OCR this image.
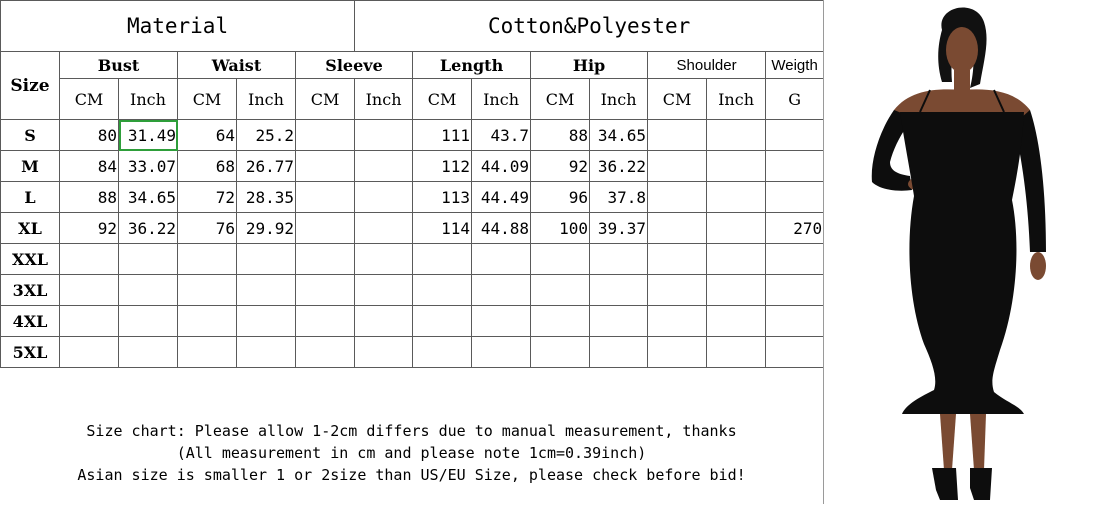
Material						Cotton&Polyester							
Size	Bust		Waist		Sleeve		Length		Hip		Shoulder		Weigth
	CM	Inch	CM	Inch	CM	Inch	CM	Inch	CM	Inch	CM	Inch	G
S	80	31.49	64	25.2			111	43.7	88	34.65			
M	84	33.07	68	26.77			112	44.09	92	36.22			
L	88	34.65	72	28.35			113	44.49	96	37.8			
XL	92	36.22	76	29.92			114	44.88	100	39.37			270
XXL													
3XL													
4XL													
5XL													
Size chart: Please allow 1-2cm differs due to manual measurement, thanks
(All measurement in cm and please note 1cm=0.39inch)
Asian size is smaller 1 or 2size than US/EU Size, please check before bid!
